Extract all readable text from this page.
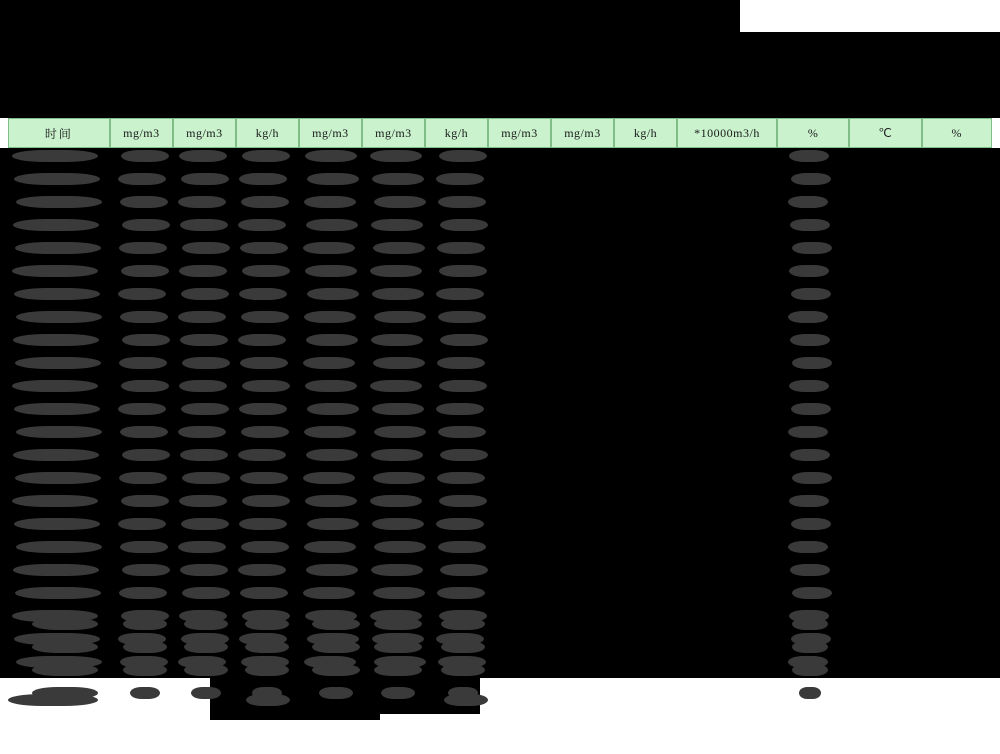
时间	mg/m3	mg/m3	kg/h	mg/m3	mg/m3	kg/h	mg/m3	mg/m3	kg/h	*10000m3/h	%	℃	%
